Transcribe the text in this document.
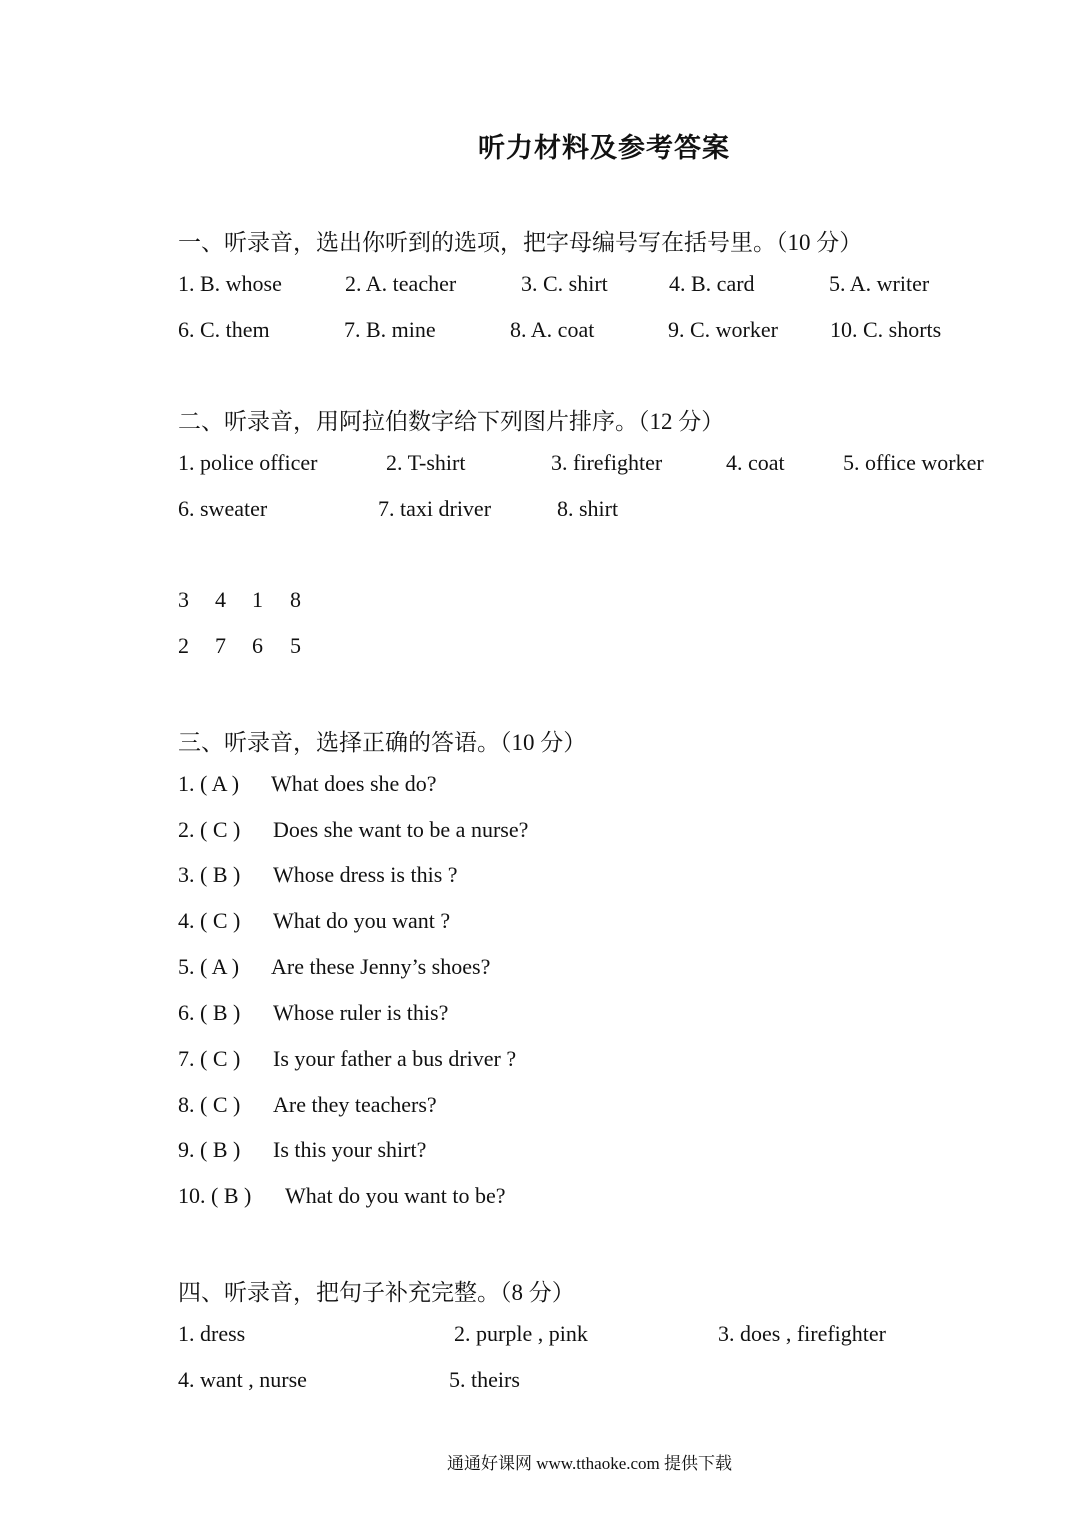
听力材料及参考答案
一、听录音，选出你听到的选项，把字母编号写在括号里。（10 分）
1. B. whose	2. A. teacher	3. C. shirt	4. B. card	5. A. writer
6. C. them	7. B. mine	8. A. coat	9. C. worker 10. C. shorts
二、听录音，用阿拉伯数字给下列图片排序。（12 分）
1. police officer	2. T-shirt	3. firefighter	4. coat	5. office worker
6. sweater	7. taxi driver	8. shirt
3 4 1 8
2 7 6 5
三、听录音，选择正确的答语。（10 分）
1. ( A ) What does she do?
2. ( C ) Does she want to be a nurse?
3. ( B ) Whose dress is this ?
4. ( C ) What do you want ?
5. ( A ) Are these Jenny’s shoes?
6. ( B ) Whose ruler is this?
7. ( C ) Is your father a bus driver ?
8. ( C ) Are they teachers?
9. ( B ) Is this your shirt?
10. ( B ) What do you want to be?
四、听录音，把句子补充完整。（8 分）
1. dress	2. purple , pink	3. does , firefighter
4. want , nurse	5. theirs
通通好课网 www.tthaoke.com 提供下载
